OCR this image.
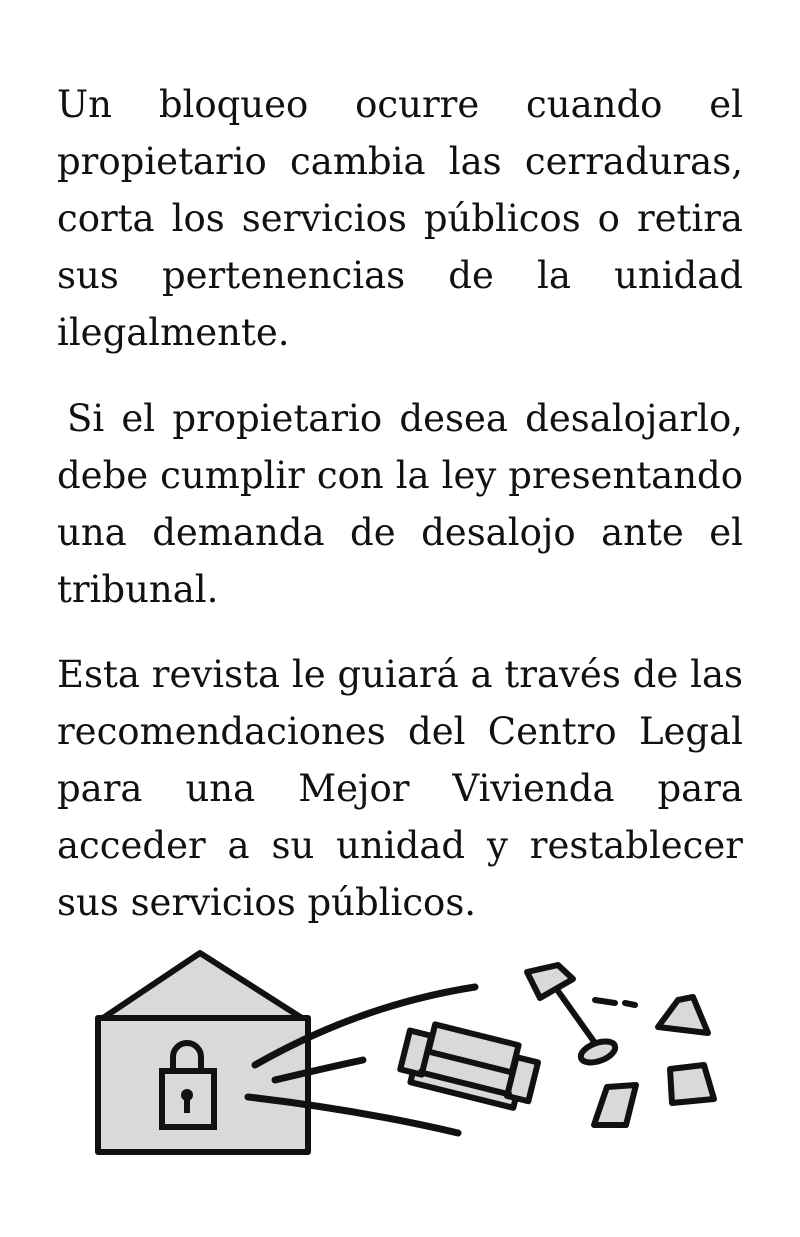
Un bloqueo ocurre cuando el propietario cambia las cerraduras, corta los servicios públicos o retira sus pertenencias de la unidad ilegalmente.

Si el propietario desea desalojarlo, debe cumplir con la ley presentando una demanda de desalojo ante el tribunal.

Esta revista le guiará a través de las recomendaciones del Centro Legal para una Mejor Vivienda para acceder a su unidad y restablecer sus servicios públicos.
